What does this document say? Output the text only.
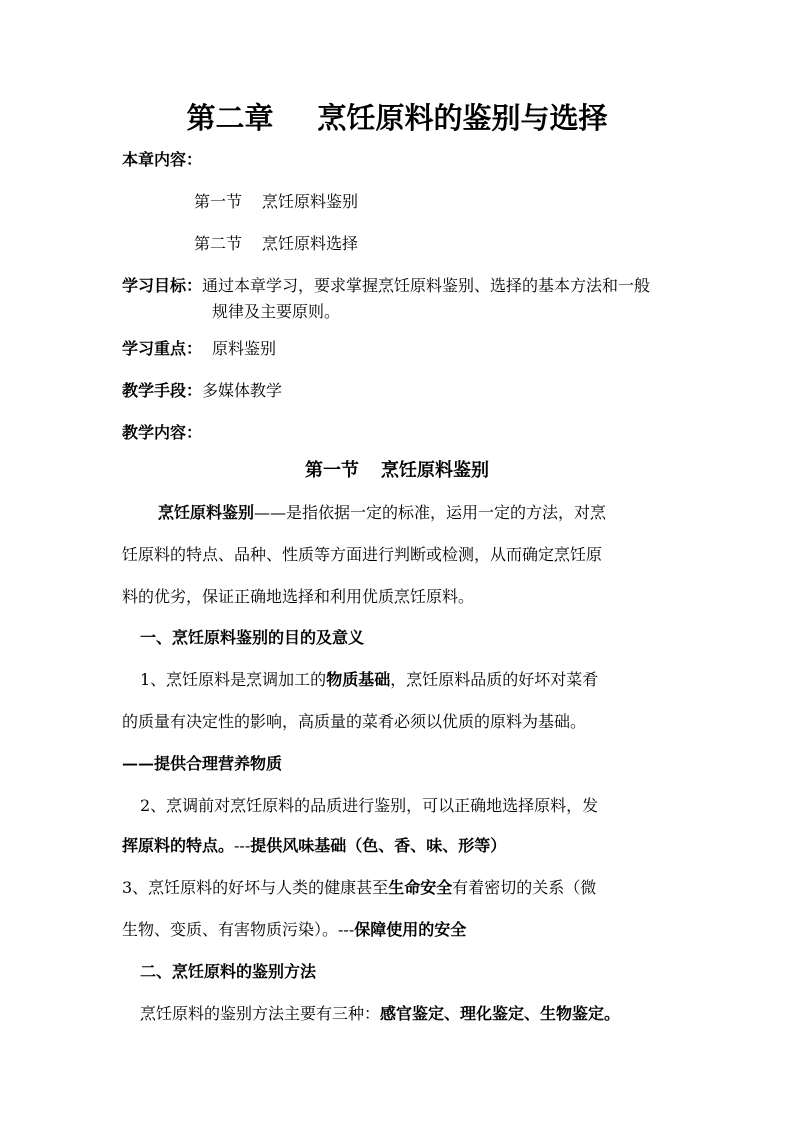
第二章 烹饪原料的鉴别与选择
本章内容：
第一节 烹饪原料鉴别
第二节 烹饪原料选择
学习目标：通过本章学习，要求掌握烹饪原料鉴别、选择的基本方法和一般
规律及主要原则。
学习重点： 原料鉴别
教学手段：多媒体教学
教学内容：
第一节 烹饪原料鉴别
烹饪原料鉴别——是指依据一定的标准，运用一定的方法，对烹
饪原料的特点、品种、性质等方面进行判断或检测，从而确定烹饪原
料的优劣，保证正确地选择和利用优质烹饪原料。
一、烹饪原料鉴别的目的及意义
1、烹饪原料是烹调加工的物质基础，烹饪原料品质的好坏对菜肴
的质量有决定性的影响，高质量的菜肴必须以优质的原料为基础。
——提供合理营养物质
2、烹调前对烹饪原料的品质进行鉴别，可以正确地选择原料，发
挥原料的特点。---提供风味基础（色、香、味、形等）
3、烹饪原料的好坏与人类的健康甚至生命安全有着密切的关系（微
生物、变质、有害物质污染）。---保障使用的安全
二、烹饪原料的鉴别方法
烹饪原料的鉴别方法主要有三种：感官鉴定、理化鉴定、生物鉴定。
